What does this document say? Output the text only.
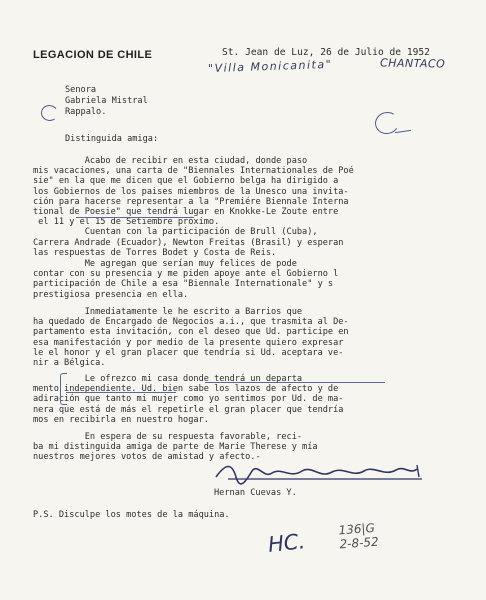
LEGACION DE CHILE	St. Jean de Luz, 26 de Julio de 1952
"Villa Monicanita"	CHANTACO
Senora
Gabriela Mistral
Rappalo.
Distinguida amiga:
Acabo de recibir en esta ciudad, donde paso
mis vacaciones, una carta de "Biennales Internationales de Poé
sie" en la que me dicen que el Gobierno belga ha dirigido a
los Gobiernos de los paises miembros de la Unesco una invita-
ción para hacerse representar a la "Premiére Biennale Interna
tional de Poesie" que tendrá lugar en Knokke-Le Zoute entre
el 11 y el 15 de Setiembre próximo.
Cuentan con la participación de Brull (Cuba),
Carrera Andrade (Ecuador), Newton Freitas (Brasil) y esperan
las respuestas de Torres Bodet y Costa de Reis.
Me agregan que serían muy felices de pode
contar con su presencia y me piden apoye ante el Gobierno l
participación de Chile a esa "Biennale Internationale" y s
prestigiosa presencia en ella.
Inmediatamente le he escrito a Barrios que
ha quedado de Encargado de Negocios a.i., que trasmita al De-
partamento esta invitación, con el deseo que Ud. participe en
esa manifestación y por medio de la presente quiero expresar
le el honor y el gran placer que tendría si Ud. aceptara ve-
nir a Bélgica.
Le ofrezco mi casa donde tendrá un departa
mento independiente. Ud. bien sabe los lazos de afecto y de
adiración que tanto mi mujer como yo sentimos por Ud. de ma-
nera que está de más el repetirle el gran placer que tendría
mos en recibirla en nuestro hogar.
En espera de su respuesta favorable, reci-
ba mi distinguida amiga de parte de Marie Therese y mía
nuestros mejores votos de amistad y afecto.-
Hernan Cuevas Y.
P.S. Disculpe los motes de la máquina.
HC.
136|G
2-8-52
